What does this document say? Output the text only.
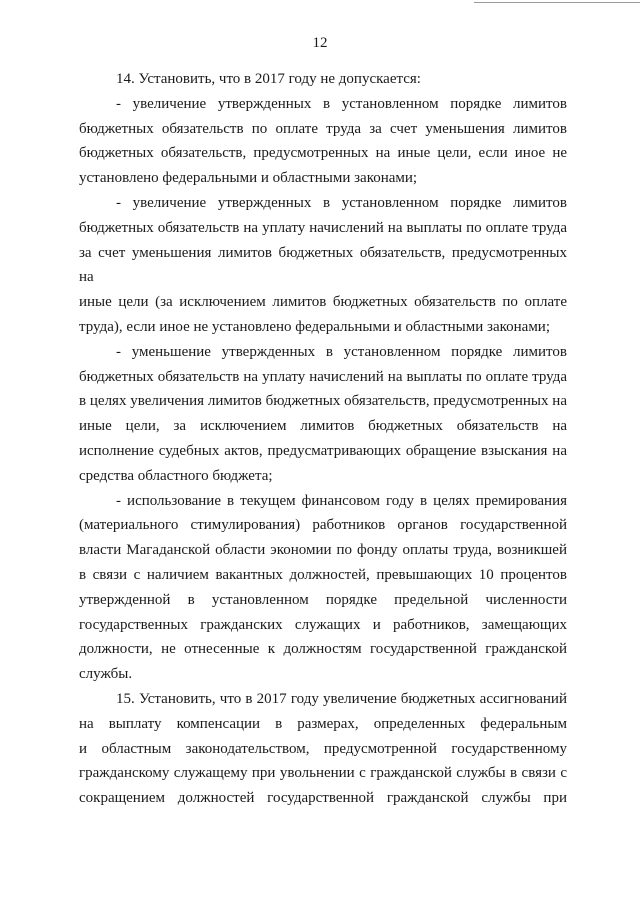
12

14. Установить, что в 2017 году не допускается:

- увеличение утвержденных в установленном порядке лимитов
бюджетных обязательств по оплате труда за счет уменьшения лимитов
бюджетных обязательств, предусмотренных на иные цели, если иное не
установлено федеральными и областными законами;

- увеличение утвержденных в установленном порядке лимитов
бюджетных обязательств на уплату начислений на выплаты по оплате труда
за счет уменьшения лимитов бюджетных обязательств, предусмотренных на
иные цели (за исключением лимитов бюджетных обязательств по оплате
труда), если иное не установлено федеральными и областными законами;

- уменьшение утвержденных в установленном порядке лимитов
бюджетных обязательств на уплату начислений на выплаты по оплате труда
в целях увеличения лимитов бюджетных обязательств, предусмотренных на
иные цели, за исключением лимитов бюджетных обязательств на
исполнение судебных актов, предусматривающих обращение взыскания на
средства областного бюджета;

- использование в текущем финансовом году в целях премирования
(материального стимулирования) работников органов государственной
власти Магаданской области экономии по фонду оплаты труда, возникшей
в связи с наличием вакантных должностей, превышающих 10 процентов
утвержденной в установленном порядке предельной численности
государственных гражданских служащих и работников, замещающих
должности, не отнесенные к должностям государственной гражданской
службы.

15. Установить, что в 2017 году увеличение бюджетных ассигнований
на выплату компенсации в размерах, определенных федеральным
и областным законодательством, предусмотренной государственному
гражданскому служащему при увольнении с гражданской службы в связи с
сокращением должностей государственной гражданской службы при
